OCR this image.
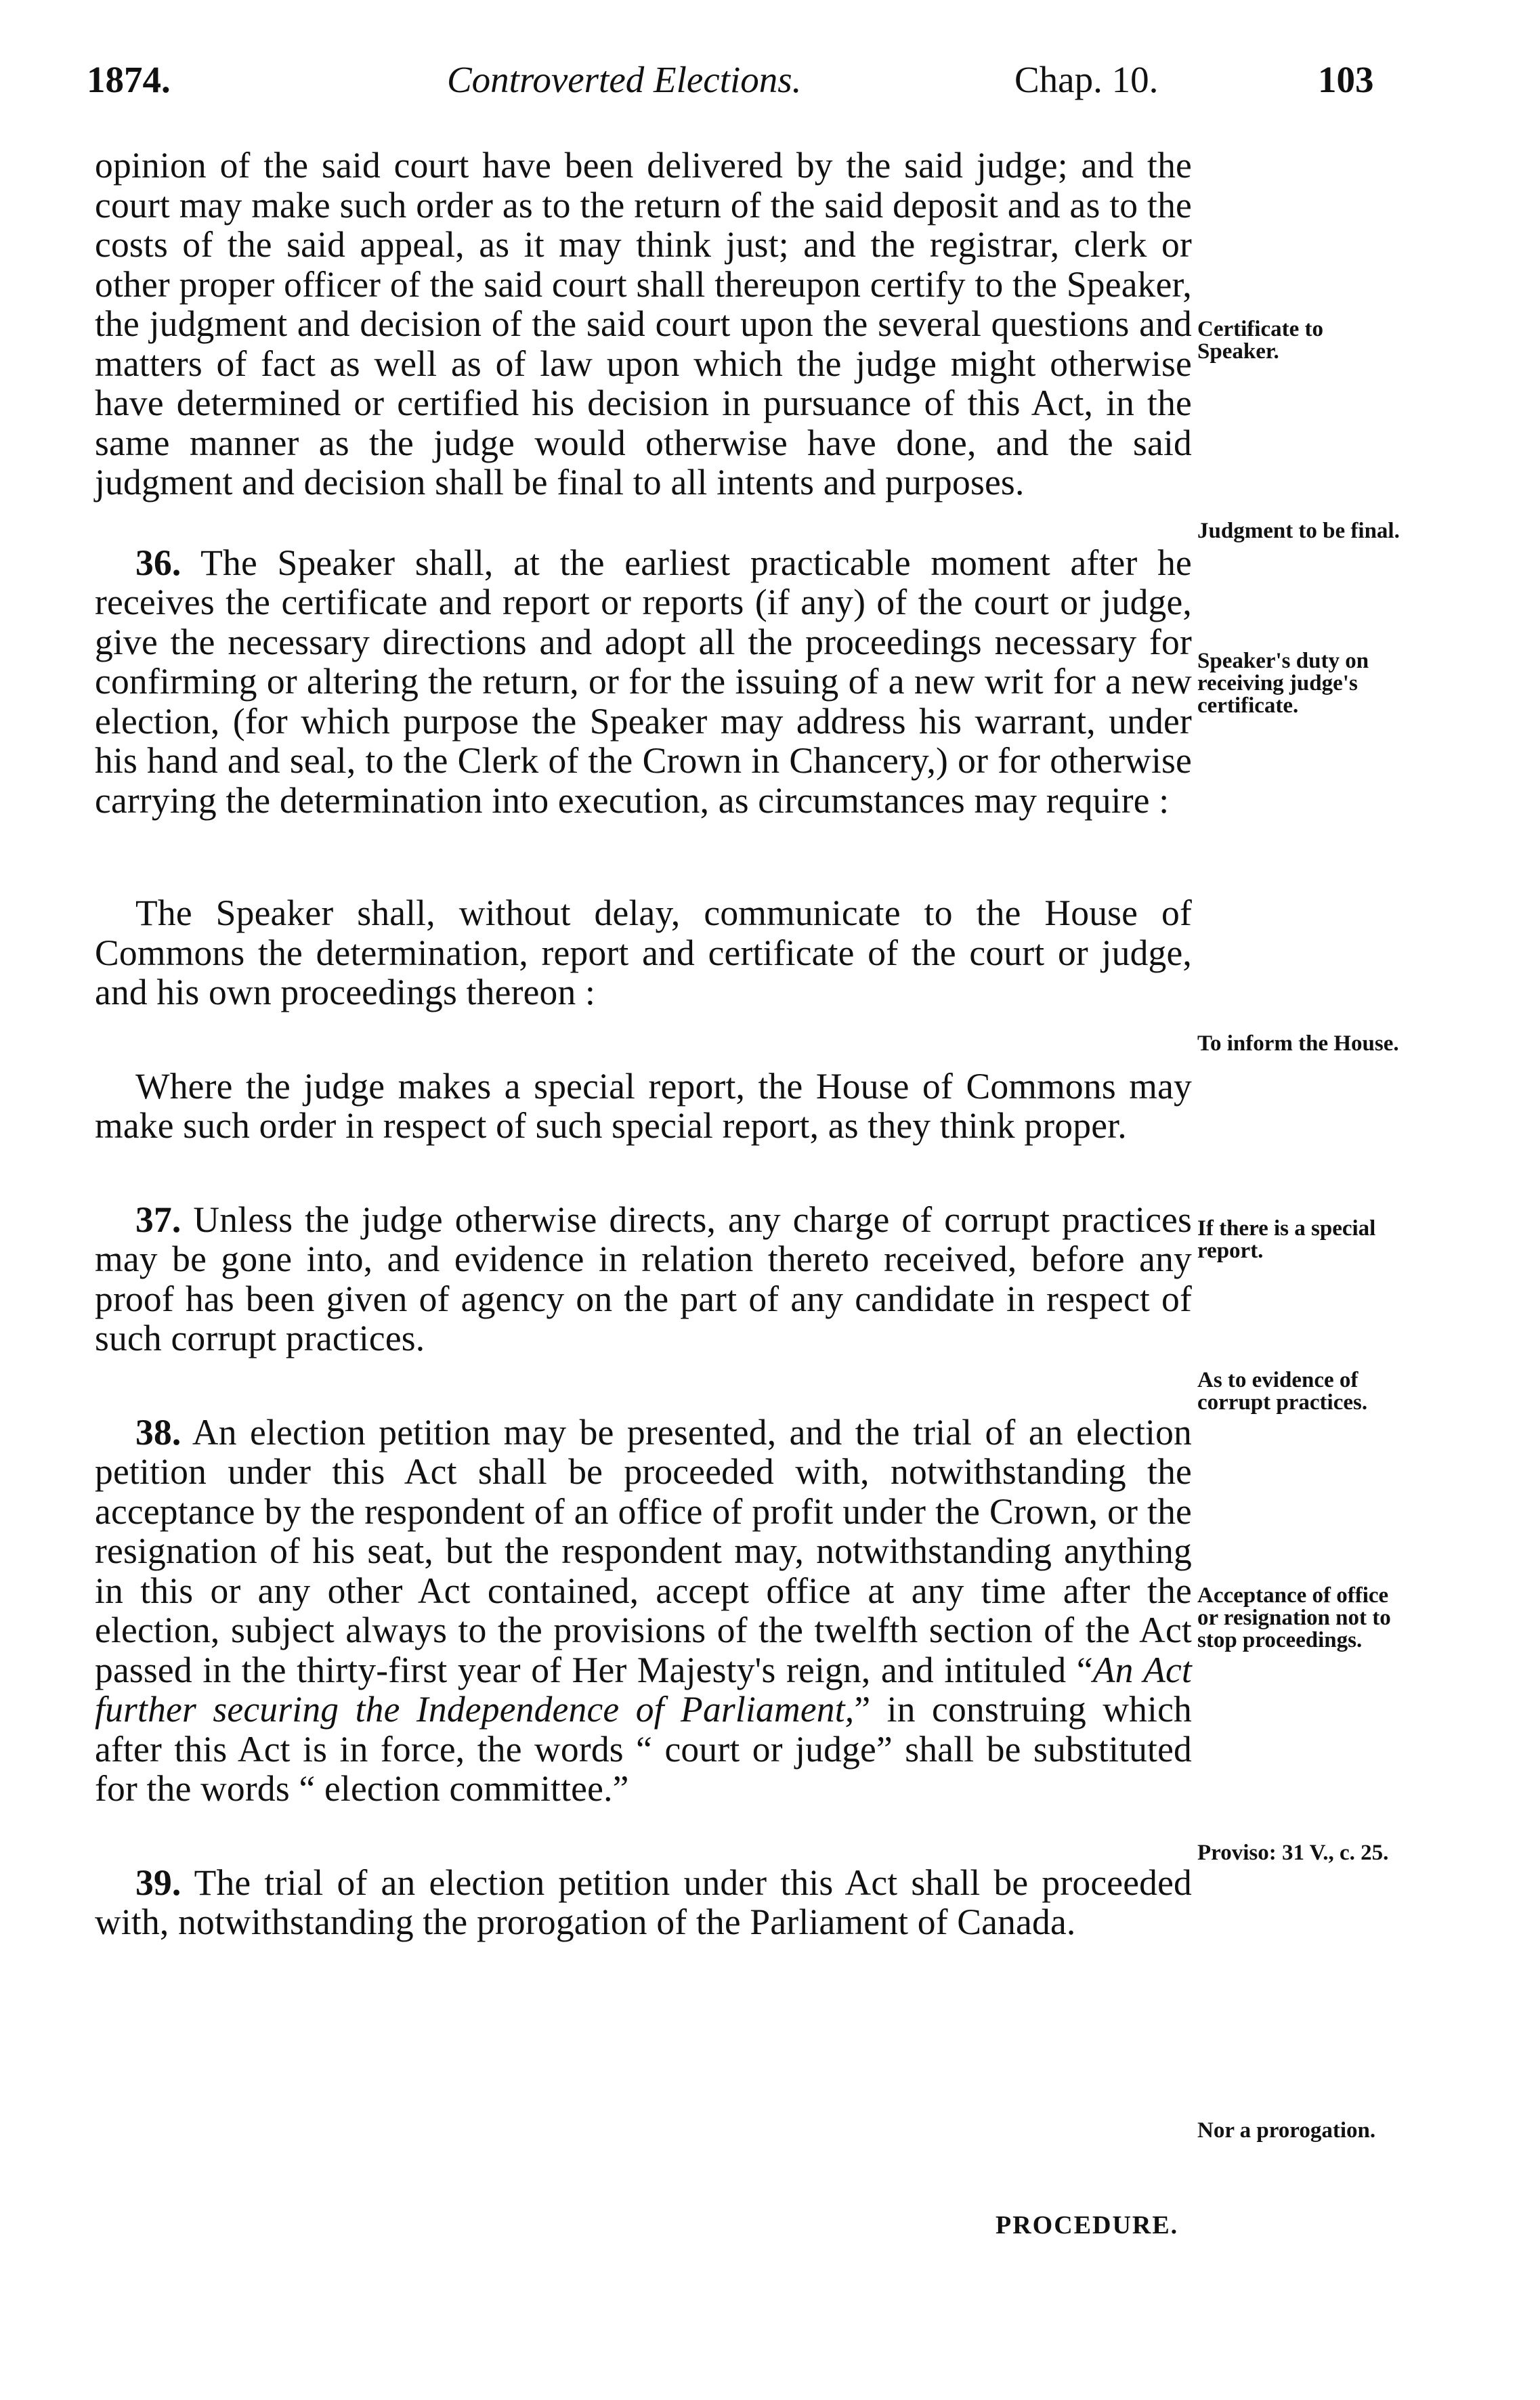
1874.	Controverted Elections.	Chap. 10.	103

opinion of the said court have been delivered by the said judge; and the court may make such order as to the return of the said deposit and as to the costs of the said appeal, as it may think just; and the registrar, clerk or other proper officer of the said court shall thereupon certify to the Speaker, the judgment and decision of the said court upon the several questions and matters of fact as well as of law upon which the judge might otherwise have determined or certified his decision in pursuance of this Act, in the same manner as the judge would otherwise have done, and the said judgment and decision shall be final to all intents and purposes.

36. The Speaker shall, at the earliest practicable moment after he receives the certificate and report or reports (if any) of the court or judge, give the necessary directions and adopt all the proceedings necessary for confirming or altering the return, or for the issuing of a new writ for a new election, (for which purpose the Speaker may address his warrant, under his hand and seal, to the Clerk of the Crown in Chancery,) or for otherwise carrying the determination into execution, as circumstances may require :

The Speaker shall, without delay, communicate to the House of Commons the determination, report and certificate of the court or judge, and his own proceedings thereon :

Where the judge makes a special report, the House of Commons may make such order in respect of such special report, as they think proper.

37. Unless the judge otherwise directs, any charge of corrupt practices may be gone into, and evidence in relation thereto received, before any proof has been given of agency on the part of any candidate in respect of such corrupt practices.

38. An election petition may be presented, and the trial of an election petition under this Act shall be proceeded with, notwithstanding the acceptance by the respondent of an office of profit under the Crown, or the resignation of his seat, but the respondent may, notwithstanding anything in this or any other Act contained, accept office at any time after the election, subject always to the provisions of the twelfth section of the Act passed in the thirty-first year of Her Majesty's reign, and intituled “An Act further securing the Independence of Parliament,” in construing which after this Act is in force, the words “ court or judge” shall be substituted for the words “ election committee.”

39. The trial of an election petition under this Act shall be proceeded with, notwithstanding the prorogation of the Parliament of Canada.

Certificate to Speaker.
Judgment to be final.
Speaker's duty on receiving judge's certificate.
To inform the House.
If there is a special report.
As to evidence of corrupt practices.
Acceptance of office or resignation not to stop proceedings.
Proviso: 31 V., c. 25.
Nor a prorogation.
PROCEDURE.
